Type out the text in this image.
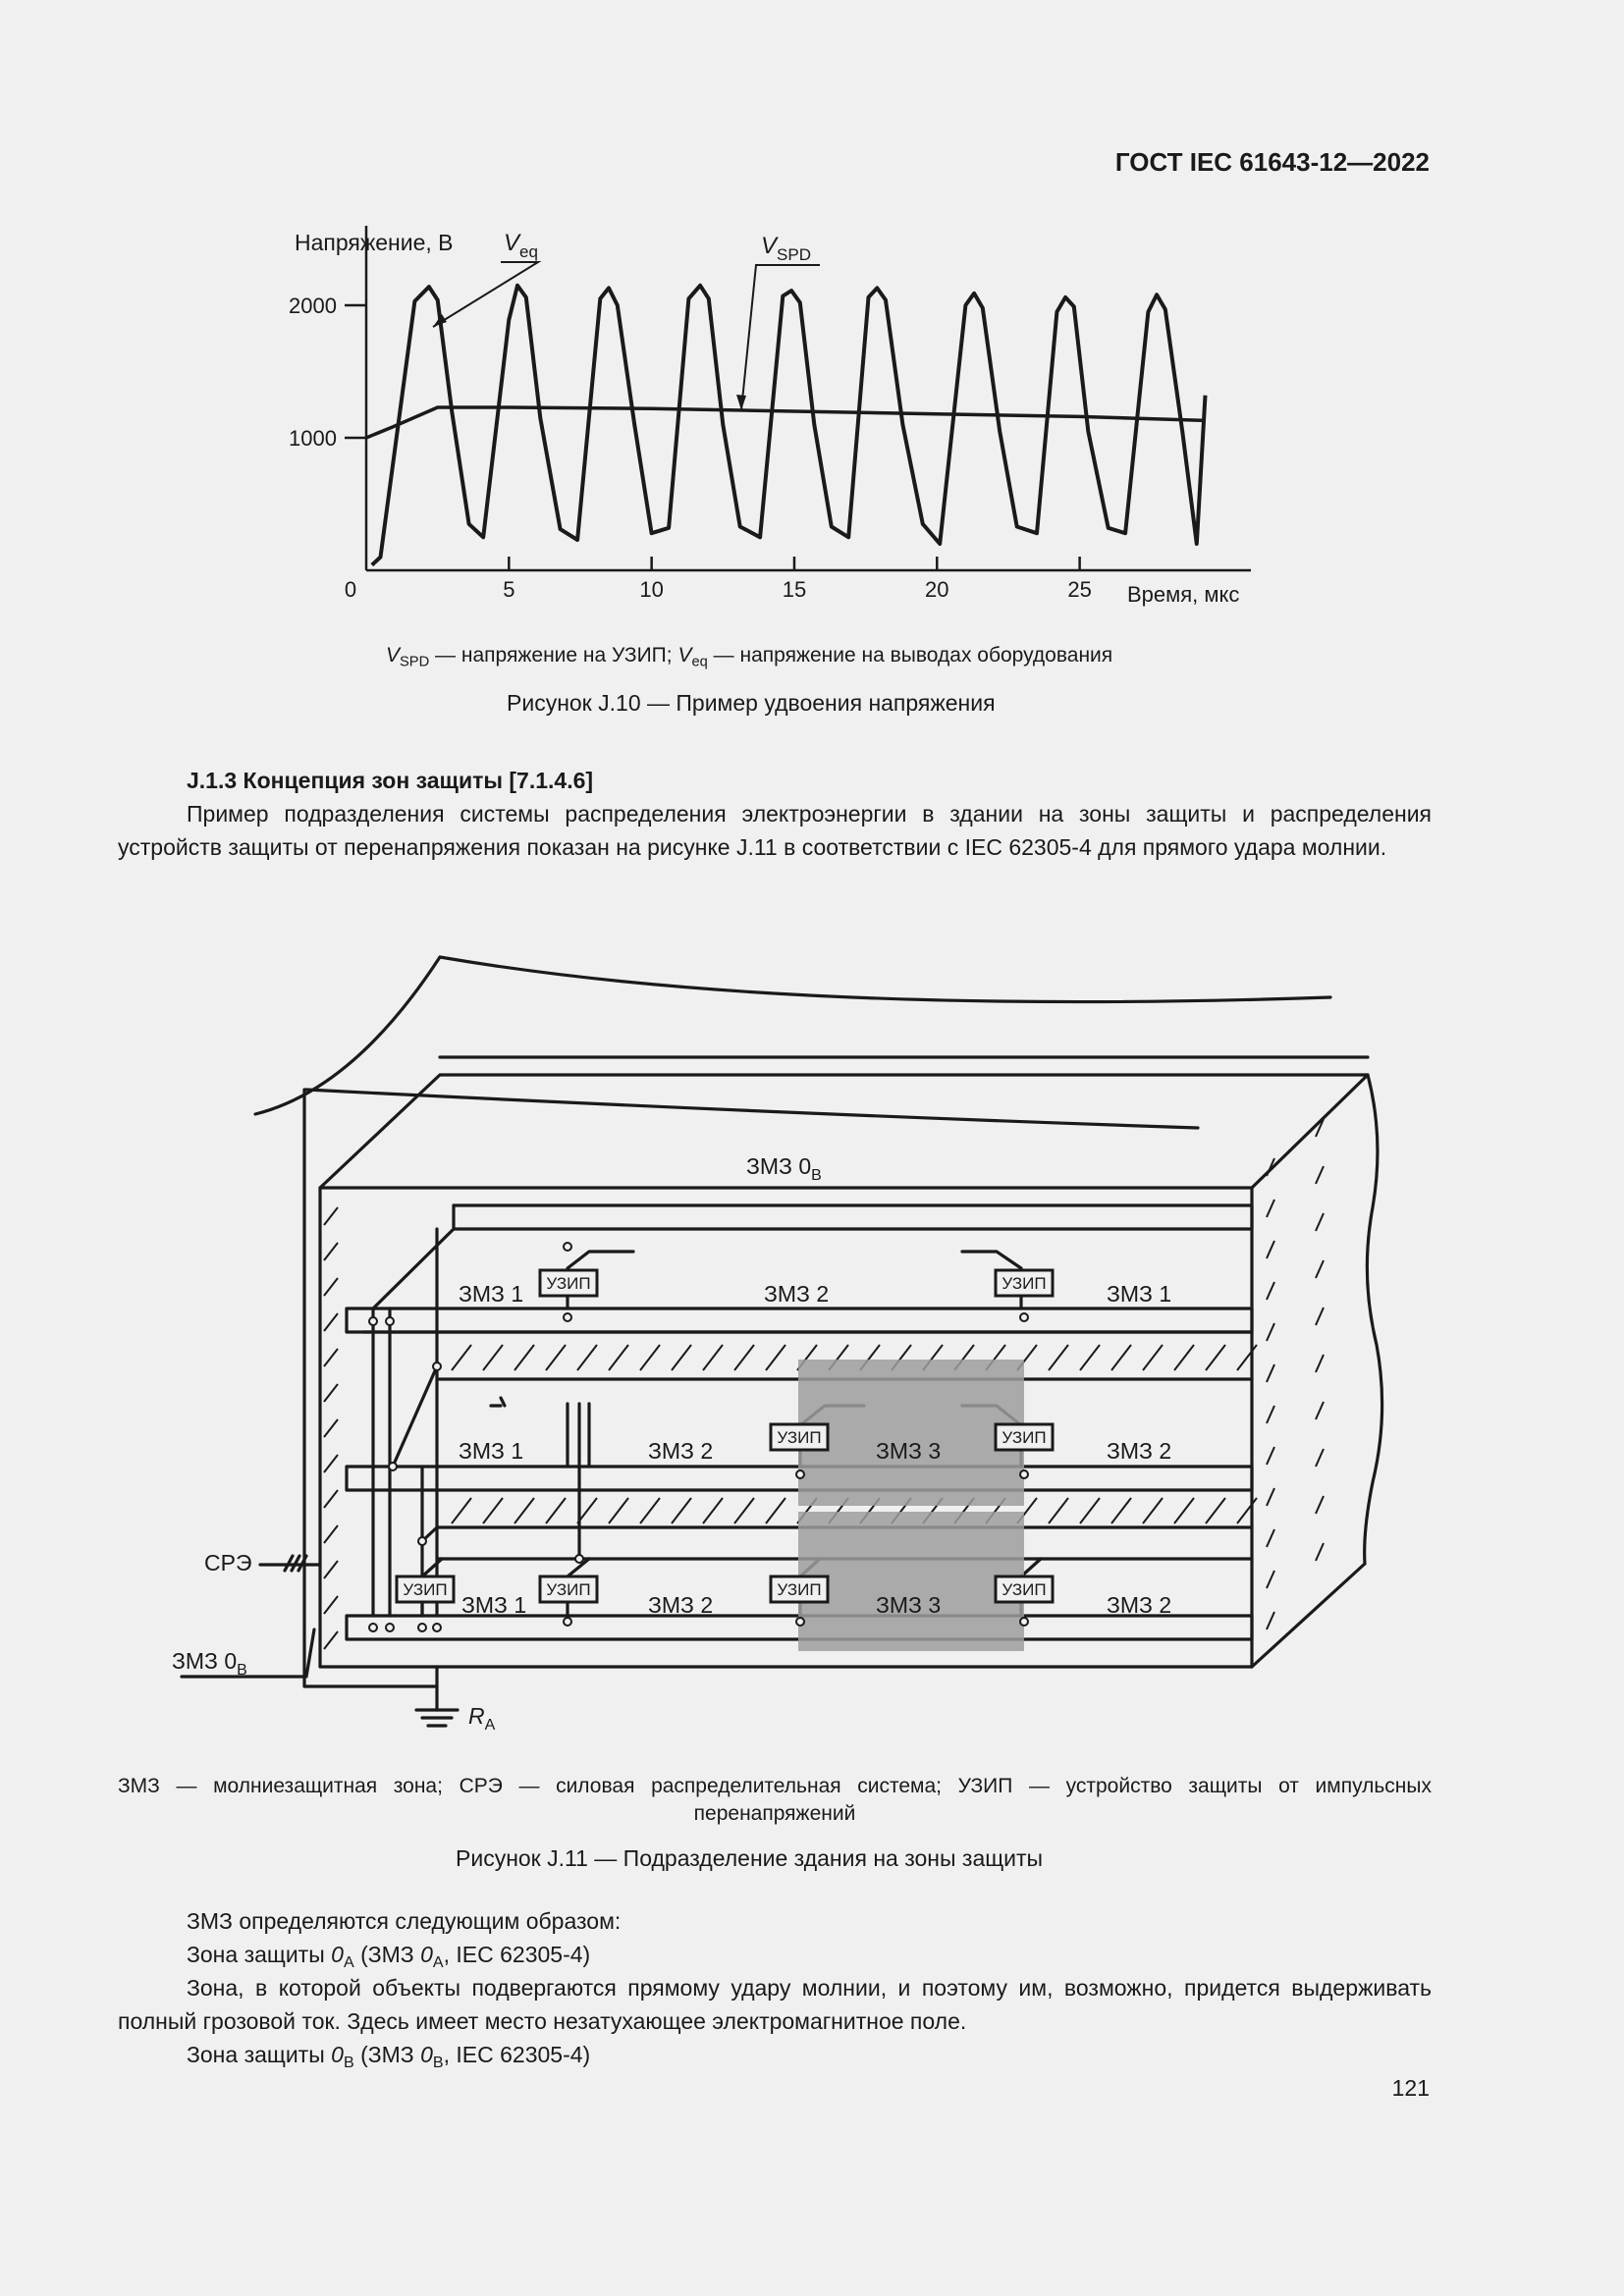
ГОСТ IEC 61643-12—2022
0	5	10	15	20	25
1000
2000
Напряжение, В
Время, мкс
$V_{eq}$	$V_{SPD}$
$V_{SPD}$ — напряжение на УЗИП; $V_{eq}$ — напряжение на выводах оборудования
Рисунок J.10 — Пример удвоения напряжения

J.1.3 Концепция зон защиты [7.1.4.6]

Пример подразделения системы распределения электроэнергии в здании на зоны защиты и распределения устройств защиты от перенапряжения показан на рисунке J.11 в соответствии с IEC 62305-4 для прямого удара молнии.

УЗИП	УЗИП
УЗИП	УЗИП
УЗИП	УЗИП	УЗИП	УЗИП
ЗМЗ $0_B$
ЗМЗ 1	ЗМЗ 2	ЗМЗ 1
ЗМЗ 1	ЗМЗ 2	ЗМЗ 3	ЗМЗ 2
ЗМЗ 1	ЗМЗ 2	ЗМЗ 3	ЗМЗ 2
СРЭ
ЗМЗ $0_B$
$R_A$
ЗМЗ — молниезащитная зона; СРЭ — силовая распределительная система; УЗИП — устройство защиты от импульсных перенапряжений
Рисунок J.11 — Подразделение здания на зоны защиты

ЗМЗ определяются следующим образом:

Зона защиты $0_A$ (ЗМЗ $0_A$, IEC 62305-4)

Зона, в которой объекты подвергаются прямому удару молнии, и поэтому им, возможно, придется выдерживать полный грозовой ток. Здесь имеет место незатухающее электромагнитное поле.

Зона защиты $0_B$ (ЗМЗ $0_B$, IEC 62305-4)

121
